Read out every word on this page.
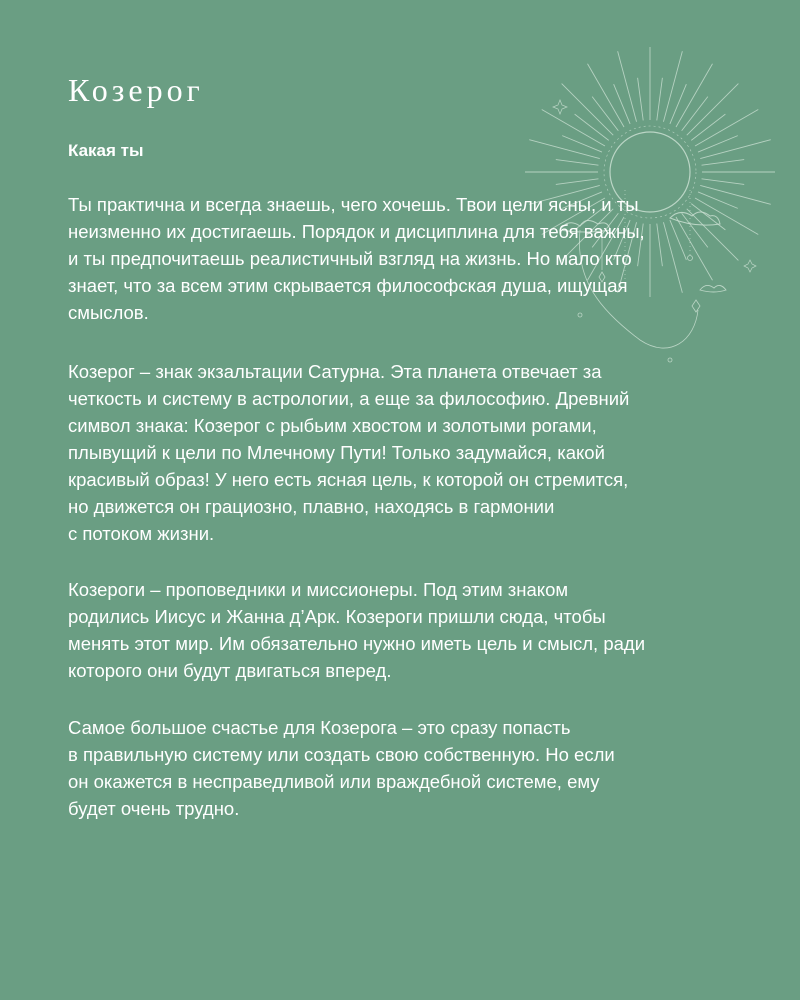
Козерог
Какая ты

Ты практична и всегда знаешь, чего хочешь. Твои цели ясны, и ты
неизменно их достигаешь. Порядок и дисциплина для тебя важны,
и ты предпочитаешь реалистичный взгляд на жизнь. Но мало кто
знает, что за всем этим скрывается философская душа, ищущая
смыслов.

Козерог – знак экзальтации Сатурна. Эта планета отвечает за
четкость и систему в астрологии, а еще за философию. Древний
символ знака: Козерог с рыбьим хвостом и золотыми рогами,
плывущий к цели по Млечному Пути! Только задумайся, какой
красивый образ! У него есть ясная цель, к которой он стремится,
но движется он грациозно, плавно, находясь в гармонии
с потоком жизни.

Козероги – проповедники и миссионеры. Под этим знаком
родились Иисус и Жанна д’Арк. Козероги пришли сюда, чтобы
менять этот мир. Им обязательно нужно иметь цель и смысл, ради
которого они будут двигаться вперед.

Самое большое счастье для Козерога – это сразу попасть
в правильную систему или создать свою собственную. Но если
он окажется в несправедливой или враждебной системе, ему
будет очень трудно.
